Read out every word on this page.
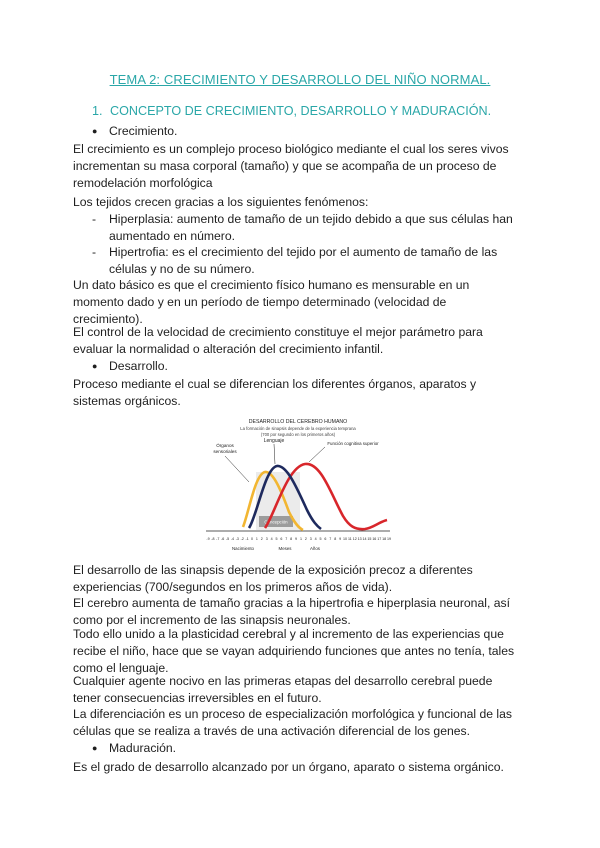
TEMA 2: CRECIMIENTO Y DESARROLLO DEL NIÑO NORMAL.
1. CONCEPTO DE CRECIMIENTO, DESARROLLO Y MADURACIÓN.
● Crecimiento.
El crecimiento es un complejo proceso biológico mediante el cual los seres vivos
incrementan su masa corporal (tamaño) y que se acompaña de un proceso de
remodelación morfológica
Los tejidos crecen gracias a los siguientes fenómenos:
- Hiperplasia: aumento de tamaño de un tejido debido a que sus células han
aumentado en número.
- Hipertrofia: es el crecimiento del tejido por el aumento de tamaño de las
células y no de su número.
Un dato básico es que el crecimiento físico humano es mensurable en un
momento dado y en un período de tiempo determinado (velocidad de
crecimiento).
El control de la velocidad de crecimiento constituye el mejor parámetro para
evaluar la normalidad o alteración del crecimiento infantil.
● Desarrollo.
Proceso mediante el cual se diferencian los diferentes órganos, aparatos y
sistemas orgánicos.
DESARROLLO DEL CEREBRO HUMANO
La formación de sinapsis depende de la experiencia temprana
(700 por segundo en los primeros años)
Concepción
Órganos
sensoriales
Lenguaje	Función cognitiva superior
-9 -8 -7 -6 -5 -4 -3 -2 -1 0 1 2 3 4 5 6 7 8 9 1 2 3 4 5 6 7 8 9 10 11 12 13 14 15 16 17 18 19
Nacimiento	Meses	Años
El desarrollo de las sinapsis depende de la exposición precoz a diferentes
experiencias (700/segundos en los primeros años de vida).
El cerebro aumenta de tamaño gracias a la hipertrofia e hiperplasia neuronal, así
como por el incremento de las sinapsis neuronales.
Todo ello unido a la plasticidad cerebral y al incremento de las experiencias que
recibe el niño, hace que se vayan adquiriendo funciones que antes no tenía, tales
como el lenguaje.
Cualquier agente nocivo en las primeras etapas del desarrollo cerebral puede
tener consecuencias irreversibles en el futuro.
La diferenciación es un proceso de especialización morfológica y funcional de las
células que se realiza a través de una activación diferencial de los genes.
● Maduración.
Es el grado de desarrollo alcanzado por un órgano, aparato o sistema orgánico.
